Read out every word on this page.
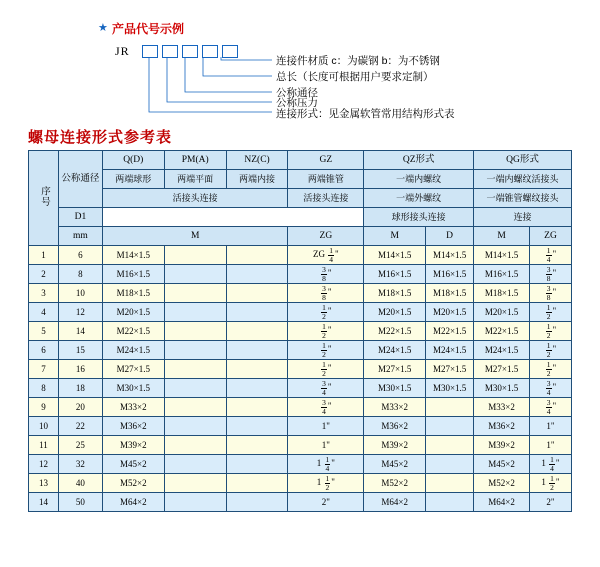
★ 产品代号示例
JR
连接件材质 c：为碳钢 b：为不锈钢
总长（长度可根据用户要求定制）
公称通径
公称压力
连接形式：见金属软管常用结构形式表
螺母连接形式参考表
序号	公称通径	Q(D)	PM(A)	NZ(C)	GZ	QZ形式		QG形式	
		两端球形	两端平面	两端内接	两端锥管	一端内螺纹		一端内螺纹活接头	
		活接头连接			活接头连接	一端外螺纹		一端锥管螺纹接头	
	D1					球形接头连接		连接	
	mm	M			ZG	M	D	M	ZG
1	6	M14×1.5			ZG $\frac{1}{4}$ "	M14×1.5	M14×1.5	M14×1.5	$\frac{1}{4}$ "
2	8	M16×1.5			$\frac{3}{8}$ "	M16×1.5	M16×1.5	M16×1.5	$\frac{3}{8}$ "
3	10	M18×1.5			$\frac{3}{8}$ "	M18×1.5	M18×1.5	M18×1.5	$\frac{3}{8}$ "
4	12	M20×1.5			$\frac{1}{2}$ "	M20×1.5	M20×1.5	M20×1.5	$\frac{1}{2}$ "
5	14	M22×1.5			$\frac{1}{2}$ "	M22×1.5	M22×1.5	M22×1.5	$\frac{1}{2}$ "
6	15	M24×1.5			$\frac{1}{2}$ "	M24×1.5	M24×1.5	M24×1.5	$\frac{1}{2}$ "
7	16	M27×1.5			$\frac{1}{2}$ "	M27×1.5	M27×1.5	M27×1.5	$\frac{1}{2}$ "
8	18	M30×1.5			$\frac{3}{4}$ "	M30×1.5	M30×1.5	M30×1.5	$\frac{3}{4}$ "
9	20	M33×2			$\frac{3}{4}$ "	M33×2		M33×2	$\frac{3}{4}$ "
10	22	M36×2			1"	M36×2		M36×2	1"
11	25	M39×2			1"	M39×2		M39×2	1"
12	32	M45×2			$1 \frac{1}{4}$ "	M45×2		M45×2	$1 \frac{1}{4}$ "
13	40	M52×2			$1 \frac{1}{2}$ "	M52×2		M52×2	$1 \frac{1}{2}$ "
14	50	M64×2			2"	M64×2		M64×2	2"
